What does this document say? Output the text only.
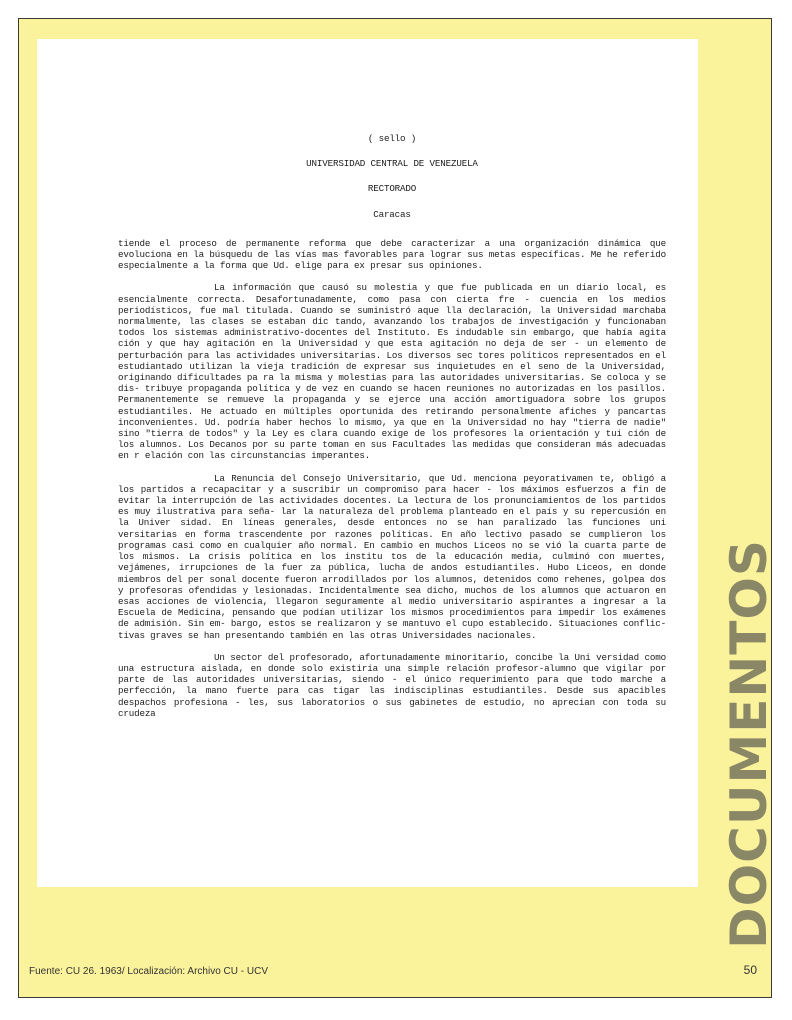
( sello )

UNIVERSIDAD CENTRAL DE VENEZUELA

RECTORADO

Caracas

tiende el proceso de permanente reforma que debe caracterizar a una organización dinámica que evoluciona en la búsquedu de las vías mas favorables para lograr sus metas específicas. Me he referido especialmente a la forma que Ud. elige para ex presar sus opiniones.

La información que causó su molestia y que fue publicada en un diario local, es esencialmente correcta. Desafortunadamente, como pasa con cierta fre - cuencia en los medios periodísticos, fue mal titulada. Cuando se suministró aque lla declaración, la Universidad marchaba normalmente, las clases se estaban dic tando, avanzando los trabajos de investigación y funcionaban todos los sistemas administrativo-docentes del Instituto. Es indudable sin embargo, que había agita ción y que hay agitación en la Universidad y que esta agitación no deja de ser - un elemento de perturbación para las actividades universitarias. Los diversos sec tores políticos representados en el estudiantado utilizan la vieja tradición de expresar sus inquietudes en el seno de la Universidad, originando dificultades pa ra la misma y molestias para las autoridades universitarias. Se coloca y se dis- tribuye propaganda política y de vez en cuando se hacen reuniones no autorizadas en los pasillos. Permanentemente se remueve la propaganda y se ejerce una acción amortiguadora sobre los grupos estudiantiles. He actuado en múltiples oportunida des retirando personalmente afiches y pancartas inconvenientes. Ud. podría haber hechos lo mismo, ya que en la Universidad no hay "tierra de nadie" sino "tierra de todos" y la Ley es clara cuando exige de los profesores la orientación y tui ción de los alumnos. Los Decanos por su parte toman en sus Facultades las medidas que consideran más adecuadas en r elación con las circunstancias imperantes.

La Renuncia del Consejo Universitario, que Ud. menciona peyorativamen te, obligó a los partidos a recapacitar y a suscribir un compromiso para hacer - los máximos esfuerzos a fin de evitar la interrupción de las actividades docentes. La lectura de los pronunciamientos de los partidos es muy ilustrativa para seña- lar la naturaleza del problema planteado en el país y su repercusión en la Univer sidad. En líneas generales, desde entonces no se han paralizado las funciones uni versitarias en forma trascendente por razones políticas. En año lectivo pasado se cumplieron los programas casi como en cualquier año normal. En cambio en muchos Liceos no se vió la cuarta parte de los mismos. La crisis política en los institu tos de la educación media, culminó con muertes, vejámenes, irrupciones de la fuer za pública, lucha de andos estudiantiles. Hubo Liceos, en donde miembros del per sonal docente fueron arrodillados por los alumnos, detenidos como rehenes, golpea dos y profesoras ofendidas y lesionadas. Incidentalmente sea dicho, muchos de los alumnos que actuaron en esas acciones de violencia, llegaron seguramente al medio universitario aspirantes a ingresar a la Escuela de Medicina, pensando que podían utilizar los mismos procedimientos para impedir los exámenes de admisión. Sin em- bargo, estos se realizaron y se mantuvo el cupo establecido. Situaciones conflic- tivas graves se han presentando también en las otras Universidades nacionales.

Un sector del profesorado, afortunadamente minoritario, concibe la Uni versidad como una estructura aislada, en donde solo existiría una simple relación profesor-alumno que vigilar por parte de las autoridades universitarias, siendo - el único requerimiento para que todo marche a perfección, la mano fuerte para cas tigar las indisciplinas estudiantiles. Desde sus apacibles despachos profesiona - les, sus laboratorios o sus gabinetes de estudio, no aprecian con toda su crudeza	DOCUMENTOS
Fuente: CU 26. 1963/ Localización: Archivo CU - UCV	50
